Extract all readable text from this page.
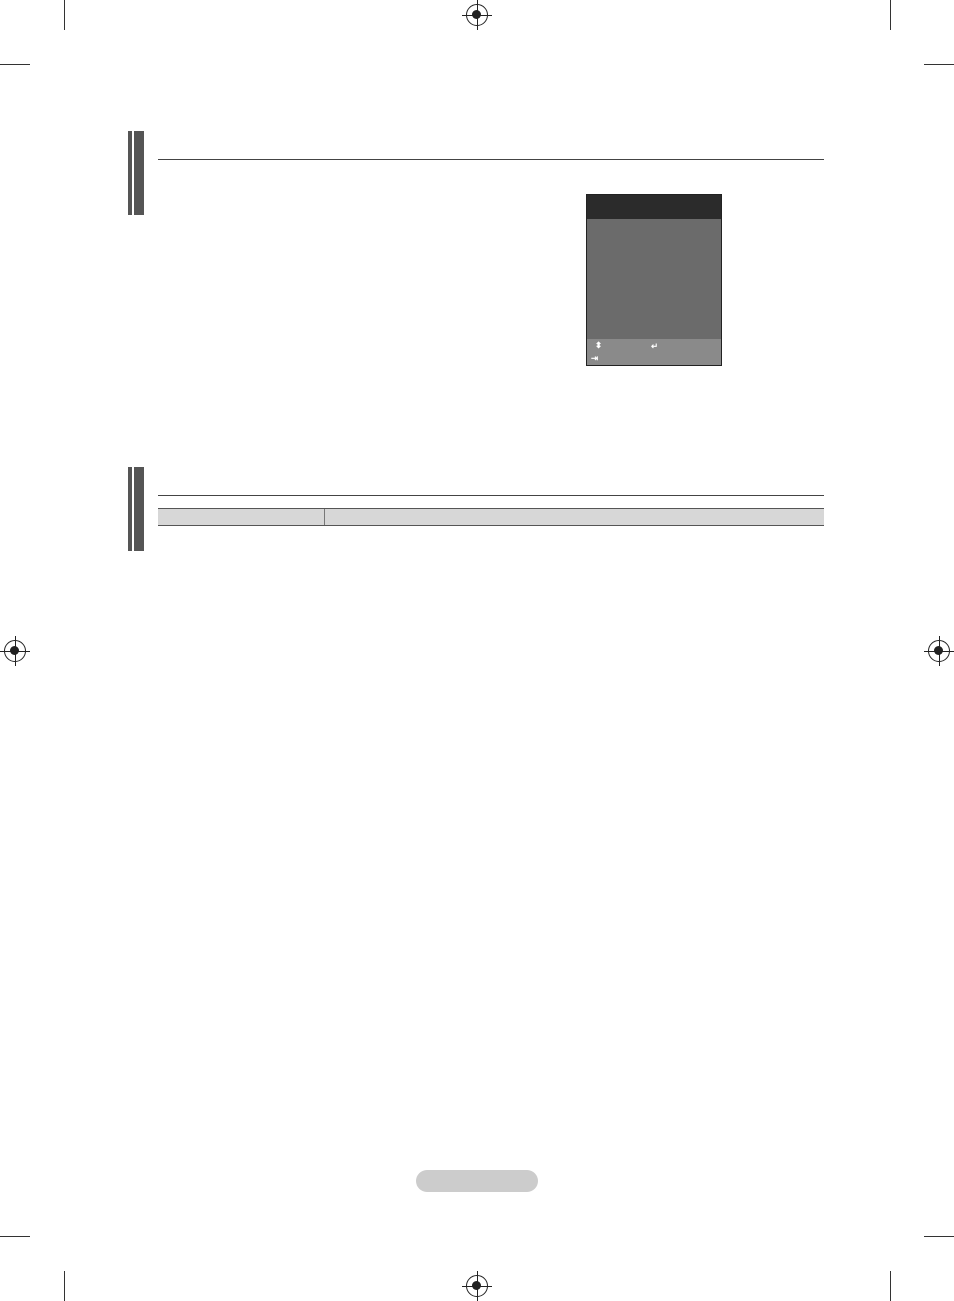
⬍	↵
⇥
